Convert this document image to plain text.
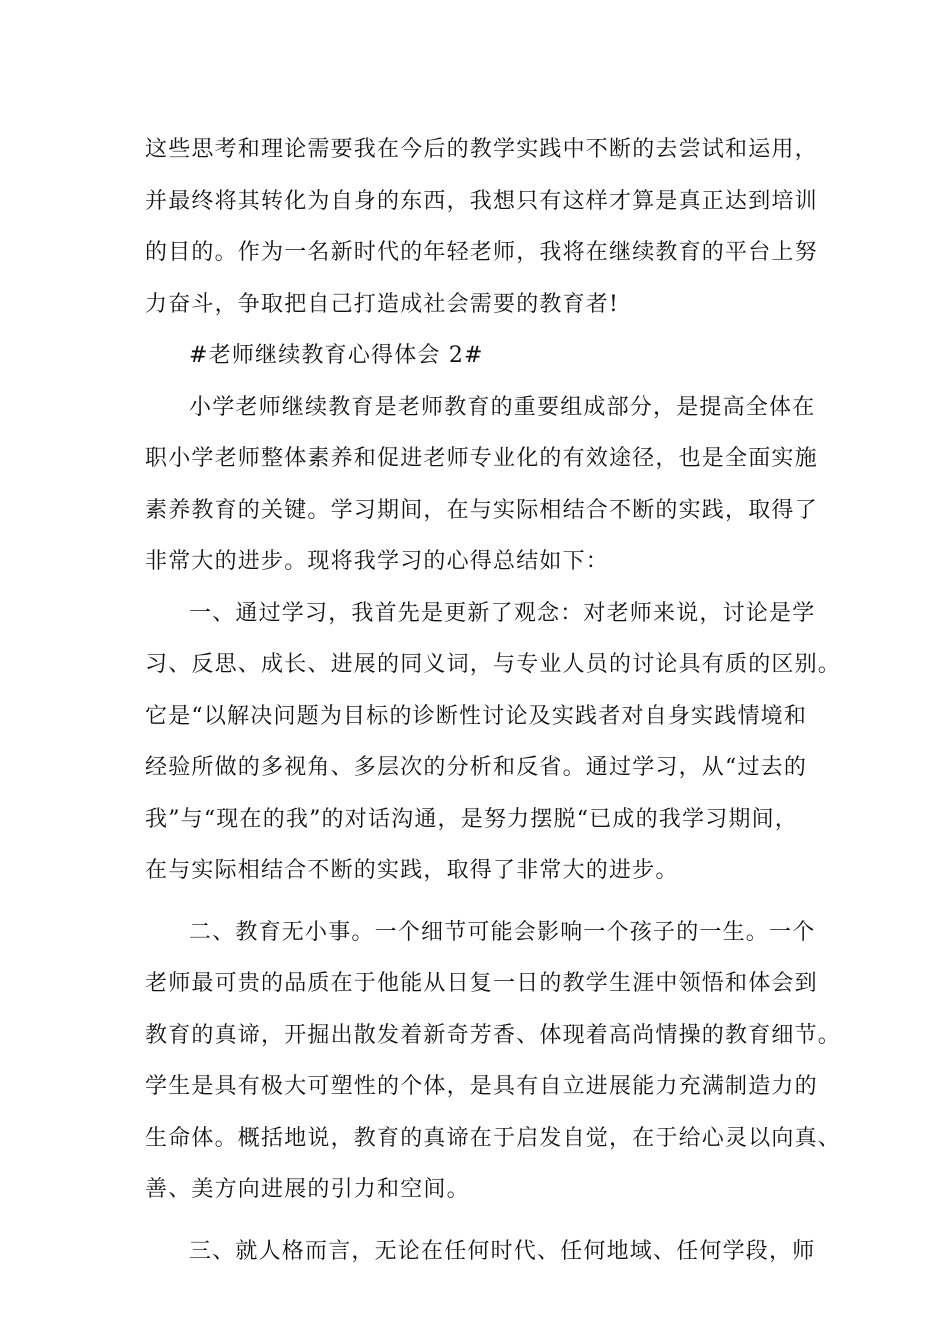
这些思考和理论需要我在今后的教学实践中不断的去尝试和运用，
并最终将其转化为自身的东西，我想只有这样才算是真正达到培训
的目的。作为一名新时代的年轻老师，我将在继续教育的平台上努
力奋斗，争取把自己打造成社会需要的教育者!
#老师继续教育心得体会 2#
小学老师继续教育是老师教育的重要组成部分，是提高全体在
职小学老师整体素养和促进老师专业化的有效途径，也是全面实施
素养教育的关键。学习期间，在与实际相结合不断的实践，取得了
非常大的进步。现将我学习的心得总结如下：
一、通过学习，我首先是更新了观念：对老师来说，讨论是学
习、反思、成长、进展的同义词，与专业人员的讨论具有质的区别。
它是“以解决问题为目标的诊断性讨论及实践者对自身实践情境和
经验所做的多视角、多层次的分析和反省。通过学习，从“过去的
我”与“现在的我”的对话沟通，是努力摆脱“已成的我学习期间，
在与实际相结合不断的实践，取得了非常大的进步。
二、教育无小事。一个细节可能会影响一个孩子的一生。一个
老师最可贵的品质在于他能从日复一日的教学生涯中领悟和体会到
教育的真谛，开掘出散发着新奇芳香、体现着高尚情操的教育细节。
学生是具有极大可塑性的个体，是具有自立进展能力充满制造力的
生命体。概括地说，教育的真谛在于启发自觉，在于给心灵以向真、
善、美方向进展的引力和空间。
三、就人格而言，无论在任何时代、任何地域、任何学段，师
